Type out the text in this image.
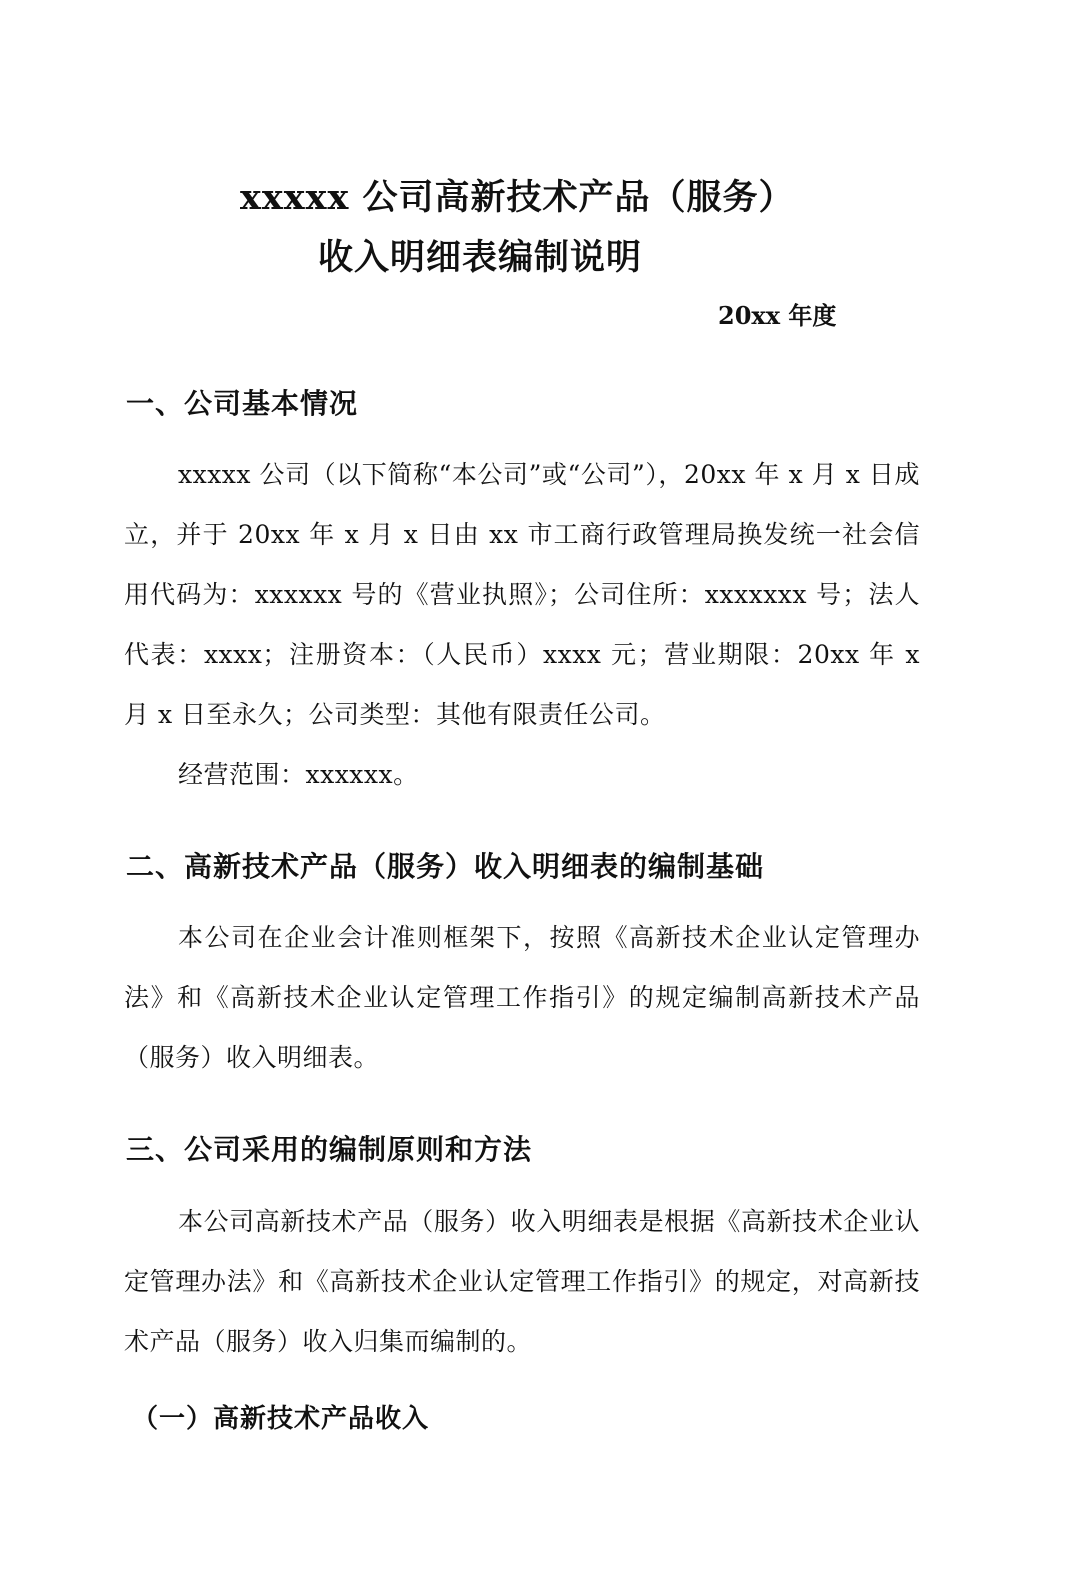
xxxxx 公司高新技术产品（服务）
收入明细表编制说明
20xx 年度
一、公司基本情况

xxxxx 公司（以下简称“本公司”或“公司”），20xx 年 x 月 x 日成立，并于 20xx 年 x 月 x 日由 xx 市工商行政管理局换发统一社会信用代码为：xxxxxx 号的《营业执照》；公司住所：xxxxxxx 号；法人代表：xxxx；注册资本：（人民币）xxxx 元；营业期限：20xx 年 x 月 x 日至永久；公司类型：其他有限责任公司。

经营范围：xxxxxx。

二、高新技术产品（服务）收入明细表的编制基础

本公司在企业会计准则框架下，按照《高新技术企业认定管理办法》和《高新技术企业认定管理工作指引》的规定编制高新技术产品（服务）收入明细表。

三、公司采用的编制原则和方法

本公司高新技术产品（服务）收入明细表是根据《高新技术企业认定管理办法》和《高新技术企业认定管理工作指引》的规定，对高新技术产品（服务）收入归集而编制的。

（一）高新技术产品收入
